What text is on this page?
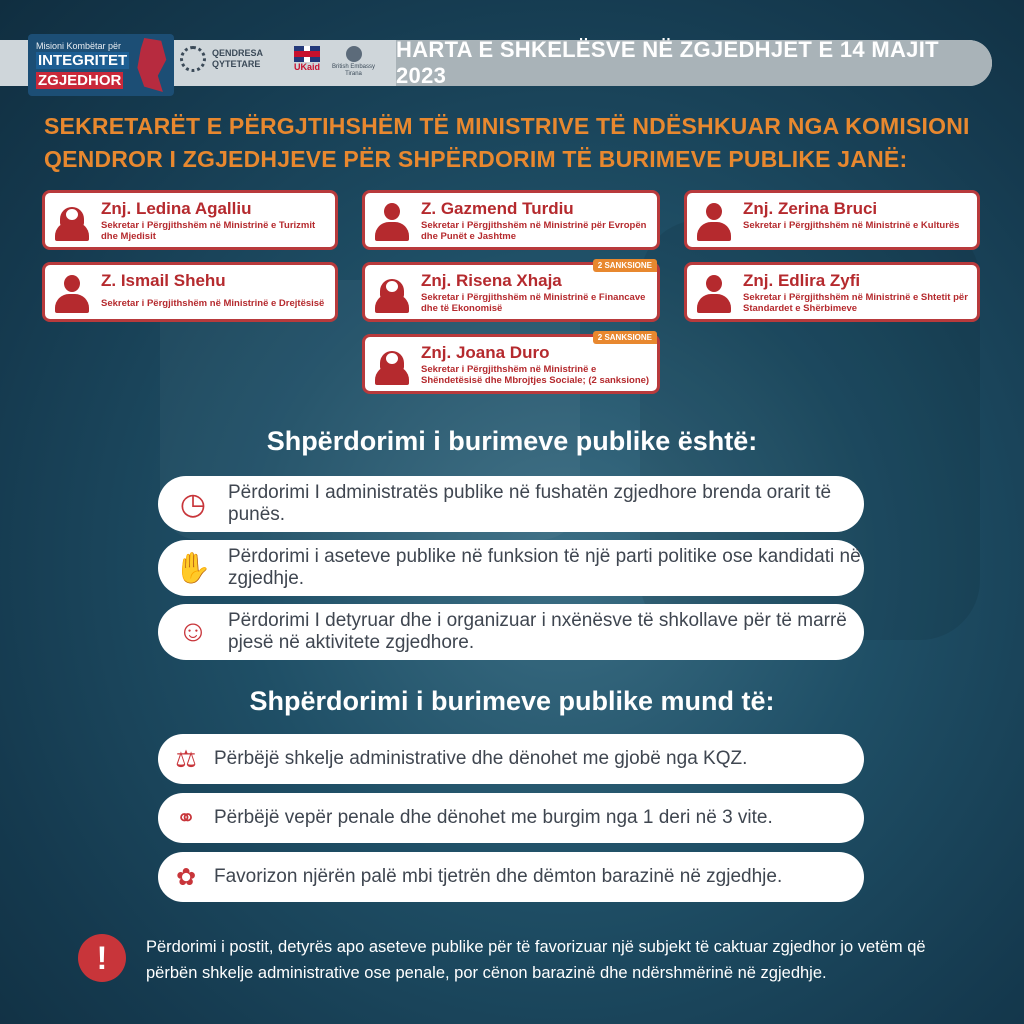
HARTA E SHKELËSVE NË ZGJEDHJET E 14 MAJIT 2023
Misioni Kombëtar për
INTEGRITET
ZGJEDHOR
QENDRESA
QYTETARE	UKaid British Embassy
Tirana
SEKRETARËT E PËRGJTIHSHËM TË MINISTRIVE TË NDËSHKUAR NGA KOMISIONI QENDROR I ZGJEDHJEVE PËR SHPËRDORIM TË BURIMEVE PUBLIKE JANË:
Znj. Ledina Agalliu
Sekretar i Përgjithshëm në Ministrinë e Turizmit dhe Mjedisit
Z. Gazmend Turdiu
Sekretar i Përgjithshëm në Ministrinë për Evropën dhe Punët e Jashtme
Znj. Zerina Bruci
Sekretar i Përgjithshëm në Ministrinë e Kulturës
Z. Ismail Shehu
Sekretar i Përgjithshëm në Ministrinë e Drejtësisë
Znj. Risena Xhaja
Sekretar i Përgjithshëm në Ministrinë e Financave dhe të Ekonomisë
2 SANKSIONE
Znj. Edlira Zyfi
Sekretar i Përgjithshëm në Ministrinë e Shtetit për Standardet e Shërbimeve
Znj. Joana Duro
Sekretar i Përgjithshëm në Ministrinë e Shëndetësisë dhe Mbrojtjes Sociale; (2 sanksione)
2 SANKSIONE
Shpërdorimi i burimeve publike është:
◷	Përdorimi I administratës publike në fushatën zgjedhore brenda orarit të punës.
✋ Përdorimi i aseteve publike në funksion të një parti politike ose kandidati në zgjedhje.
☺	Përdorimi I detyruar dhe i organizuar i nxënësve të shkollave për të marrë pjesë në aktivitete zgjedhore.
Shpërdorimi i burimeve publike mund të:
⚖ Përbëjë shkelje administrative dhe dënohet me gjobë nga KQZ.
⚭ Përbëjë vepër penale dhe dënohet me burgim nga 1 deri në 3 vite.
✿ Favorizon njërën palë mbi tjetrën dhe dëmton barazinë në zgjedhje.
!	Përdorimi i postit, detyrës apo aseteve publike për të favorizuar një subjekt të caktuar zgjedhor jo vetëm që përbën shkelje administrative ose penale, por cënon barazinë dhe ndërshmërinë në zgjedhje.
